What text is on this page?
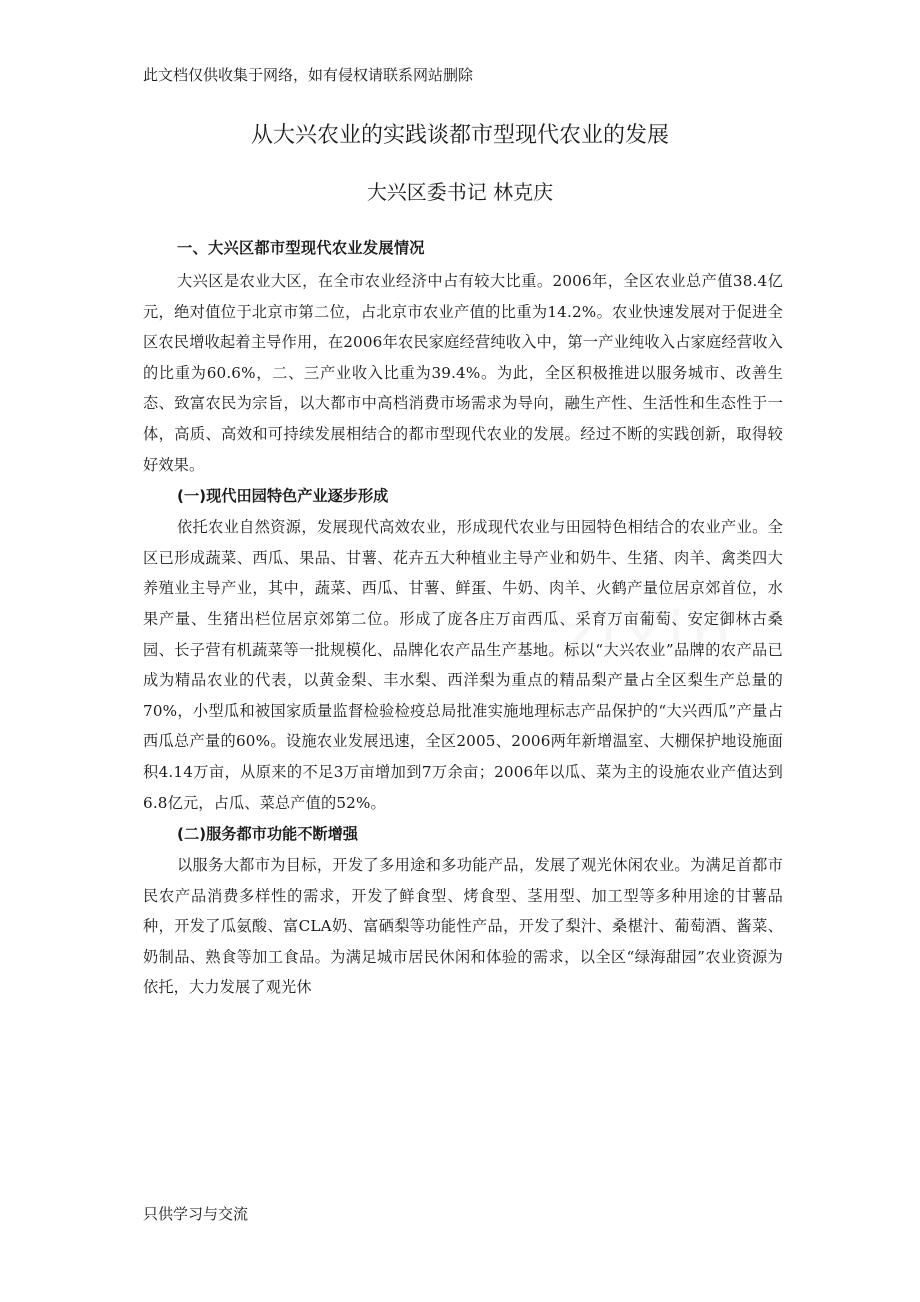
此文档仅供收集于网络，如有侵权请联系网站删除
从大兴农业的实践谈都市型现代农业的发展
大兴区委书记 林克庆
一、大兴区都市型现代农业发展情况

大兴区是农业大区，在全市农业经济中占有较大比重。2006年，全区农业总产值38.4亿元，绝对值位于北京市第二位，占北京市农业产值的比重为14.2%。农业快速发展对于促进全区农民增收起着主导作用，在2006年农民家庭经营纯收入中，第一产业纯收入占家庭经营收入的比重为60.6%，二、三产业收入比重为39.4%。为此，全区积极推进以服务城市、改善生态、致富农民为宗旨，以大都市中高档消费市场需求为导向，融生产性、生活性和生态性于一体，高质、高效和可持续发展相结合的都市型现代农业的发展。经过不断的实践创新，取得较好效果。

(一)现代田园特色产业逐步形成

依托农业自然资源，发展现代高效农业，形成现代农业与田园特色相结合的农业产业。全区已形成蔬菜、西瓜、果品、甘薯、花卉五大种植业主导产业和奶牛、生猪、肉羊、禽类四大养殖业主导产业，其中，蔬菜、西瓜、甘薯、鲜蛋、牛奶、肉羊、火鹤产量位居京郊首位，水果产量、生猪出栏位居京郊第二位。形成了庞各庄万亩西瓜、采育万亩葡萄、安定御林古桑园、长子营有机蔬菜等一批规模化、品牌化农产品生产基地。标以“大兴农业”品牌的农产品已成为精品农业的代表，以黄金梨、丰水梨、西洋梨为重点的精品梨产量占全区梨生产总量的70%，小型瓜和被国家质量监督检验检疫总局批准实施地理标志产品保护的“大兴西瓜”产量占西瓜总产量的60%。设施农业发展迅速，全区2005、2006两年新增温室、大棚保护地设施面积4.14万亩，从原来的不足3万亩增加到7万余亩；2006年以瓜、菜为主的设施农业产值达到6.8亿元，占瓜、菜总产值的52%。

(二)服务都市功能不断增强

以服务大都市为目标，开发了多用途和多功能产品，发展了观光休闲农业。为满足首都市民农产品消费多样性的需求，开发了鲜食型、烤食型、茎用型、加工型等多种用途的甘薯品种，开发了瓜氨酸、富CLA奶、富硒梨等功能性产品，开发了梨汁、桑椹汁、葡萄酒、酱菜、奶制品、熟食等加工食品。为满足城市居民休闲和体验的需求，以全区“绿海甜园”农业资源为依托，大力发展了观光休

只供学习与交流
